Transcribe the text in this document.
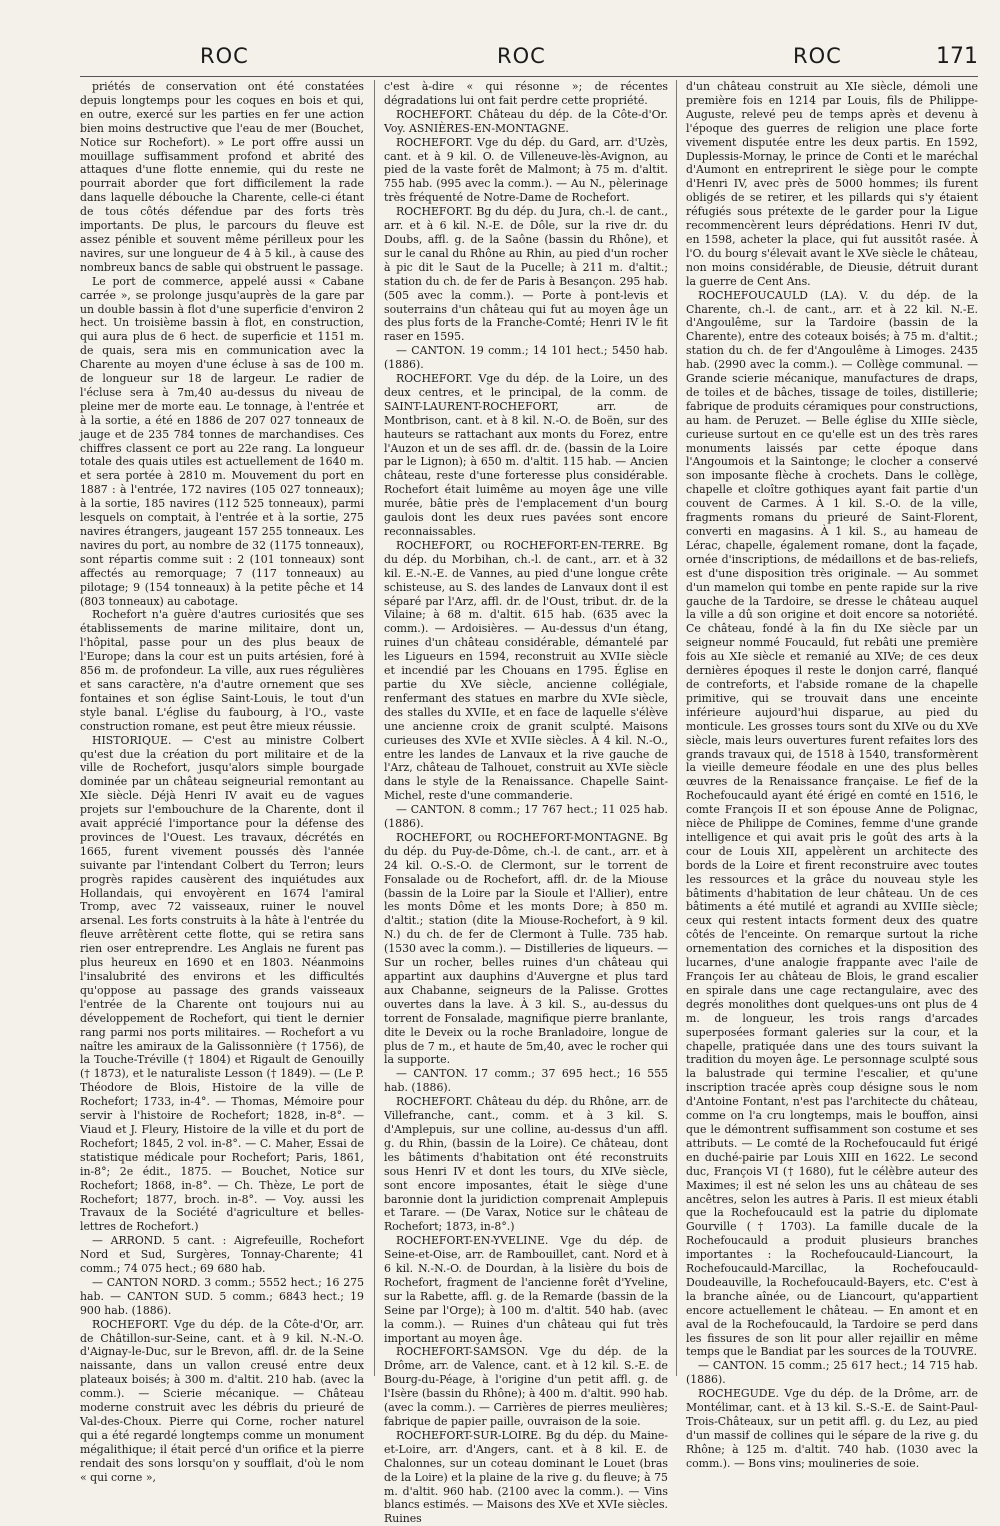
ROC	ROC	ROC	171

priétés de conservation ont été constatées depuis longtemps pour les coques en bois et qui, en outre, exercé sur les parties en fer une action bien moins destructive que l'eau de mer (Bouchet, Notice sur Rochefort). » Le port offre aussi un mouillage suffisamment profond et abrité des attaques d'une flotte ennemie, qui du reste ne pourrait aborder que fort difficilement la rade dans laquelle débouche la Charente, celle-ci étant de tous côtés défendue par des forts très importants. De plus, le parcours du fleuve est assez pénible et souvent même périlleux pour les navires, sur une longueur de 4 à 5 kil., à cause des nombreux bancs de sable qui obstruent le passage.

Le port de commerce, appelé aussi « Cabane carrée », se prolonge jusqu'auprès de la gare par un double bassin à flot d'une superficie d'environ 2 hect. Un troisième bassin à flot, en construction, qui aura plus de 6 hect. de superficie et 1151 m. de quais, sera mis en communication avec la Charente au moyen d'une écluse à sas de 100 m. de longueur sur 18 de largeur. Le radier de l'écluse sera à 7m,40 au-dessus du niveau de pleine mer de morte eau. Le tonnage, à l'entrée et à la sortie, a été en 1886 de 207 027 tonneaux de jauge et de 235 784 tonnes de marchandises. Ces chiffres classent ce port au 22e rang. La longueur totale des quais utiles est actuellement de 1640 m. et sera portée à 2810 m. Mouvement du port en 1887 : à l'entrée, 172 navires (105 027 tonneaux); à la sortie, 185 navires (112 525 tonneaux), parmi lesquels on comptait, à l'entrée et à la sortie, 275 navires étrangers, jaugeant 157 255 tonneaux. Les navires du port, au nombre de 32 (1175 tonneaux), sont répartis comme suit : 2 (101 tonneaux) sont affectés au remorquage; 7 (117 tonneaux) au pilotage; 9 (154 tonneaux) à la petite pêche et 14 (803 tonneaux) au cabotage.

Rochefort n'a guère d'autres curiosités que ses établissements de marine militaire, dont un, l'hôpital, passe pour un des plus beaux de l'Europe; dans la cour est un puits artésien, foré à 856 m. de profondeur. La ville, aux rues régulières et sans caractère, n'a d'autre ornement que ses fontaines et son église Saint-Louis, le tout d'un style banal. L'église du faubourg, à l'O., vaste construction romane, est peut être mieux réussie.

HISTORIQUE. — C'est au ministre Colbert qu'est due la création du port militaire et de la ville de Rochefort, jusqu'alors simple bourgade dominée par un château seigneurial remontant au XIe siècle. Déjà Henri IV avait eu de vagues projets sur l'embouchure de la Charente, dont il avait apprécié l'importance pour la défense des provinces de l'Ouest. Les travaux, décrétés en 1665, furent vivement poussés dès l'année suivante par l'intendant Colbert du Terron; leurs progrès rapides causèrent des inquiétudes aux Hollandais, qui envoyèrent en 1674 l'amiral Tromp, avec 72 vaisseaux, ruiner le nouvel arsenal. Les forts construits à la hâte à l'entrée du fleuve arrêtèrent cette flotte, qui se retira sans rien oser entreprendre. Les Anglais ne furent pas plus heureux en 1690 et en 1803. Néanmoins l'insalubrité des environs et les difficultés qu'oppose au passage des grands vaisseaux l'entrée de la Charente ont toujours nui au développement de Rochefort, qui tient le dernier rang parmi nos ports militaires. — Rochefort a vu naître les amiraux de la Galissonnière († 1756), de la Touche-Tréville († 1804) et Rigault de Genouilly († 1873), et le naturaliste Lesson († 1849). — (Le P. Théodore de Blois, Histoire de la ville de Rochefort; 1733, in-4°. — Thomas, Mémoire pour servir à l'histoire de Rochefort; 1828, in-8°. — Viaud et J. Fleury, Histoire de la ville et du port de Rochefort; 1845, 2 vol. in-8°. — C. Maher, Essai de statistique médicale pour Rochefort; Paris, 1861, in-8°; 2e édit., 1875. — Bouchet, Notice sur Rochefort; 1868, in-8°. — Ch. Thèze, Le port de Rochefort; 1877, broch. in-8°. — Voy. aussi les Travaux de la Société d'agriculture et belles-lettres de Rochefort.)

— ARROND. 5 cant. : Aigrefeuille, Rochefort Nord et Sud, Surgères, Tonnay-Charente; 41 comm.; 74 075 hect.; 69 680 hab.

— CANTON NORD. 3 comm.; 5552 hect.; 16 275 hab. — CANTON SUD. 5 comm.; 6843 hect.; 19 900 hab. (1886).

ROCHEFORT. Vge du dép. de la Côte-d'Or, arr. de Châtillon-sur-Seine, cant. et à 9 kil. N.-N.-O. d'Aignay-le-Duc, sur le Brevon, affl. dr. de la Seine naissante, dans un vallon creusé entre deux plateaux boisés; à 300 m. d'altit. 210 hab. (avec la comm.). — Scierie mécanique. — Château moderne construit avec les débris du prieuré de Val-des-Choux. Pierre qui Corne, rocher naturel qui a été regardé longtemps comme un monument mégalithique; il était percé d'un orifice et la pierre rendait des sons lorsqu'on y soufflait, d'où le nom « qui corne »,

c'est à-dire « qui résonne »; de récentes dégradations lui ont fait perdre cette propriété.

ROCHEFORT. Château du dép. de la Côte-d'Or. Voy. ASNIÈRES-EN-MONTAGNE.

ROCHEFORT. Vge du dép. du Gard, arr. d'Uzès, cant. et à 9 kil. O. de Villeneuve-lès-Avignon, au pied de la vaste forêt de Malmont; à 75 m. d'altit. 755 hab. (995 avec la comm.). — Au N., pèlerinage très fréquenté de Notre-Dame de Rochefort.

ROCHEFORT. Bg du dép. du Jura, ch.-l. de cant., arr. et à 6 kil. N.-E. de Dôle, sur la rive dr. du Doubs, affl. g. de la Saône (bassin du Rhône), et sur le canal du Rhône au Rhin, au pied d'un rocher à pic dit le Saut de la Pucelle; à 211 m. d'altit.; station du ch. de fer de Paris à Besançon. 295 hab. (505 avec la comm.). — Porte à pont-levis et souterrains d'un château qui fut au moyen âge un des plus forts de la Franche-Comté; Henri IV le fit raser en 1595.

— CANTON. 19 comm.; 14 101 hect.; 5450 hab. (1886).

ROCHEFORT. Vge du dép. de la Loire, un des deux centres, et le principal, de la comm. de SAINT-LAURENT-ROCHEFORT, arr. de Montbrison, cant. et à 8 kil. N.-O. de Boën, sur des hauteurs se rattachant aux monts du Forez, entre l'Auzon et un de ses affl. dr. de. (bassin de la Loire par le Lignon); à 650 m. d'altit. 115 hab. — Ancien château, reste d'une forteresse plus considérable. Rochefort était luimême au moyen âge une ville murée, bâtie près de l'emplacement d'un bourg gaulois dont les deux rues pavées sont encore reconnaissables.

ROCHEFORT, ou ROCHEFORT-EN-TERRE. Bg du dép. du Morbihan, ch.-l. de cant., arr. et à 32 kil. E.-N.-E. de Vannes, au pied d'une longue crête schisteuse, au S. des landes de Lanvaux dont il est séparé par l'Arz, affl. dr. de l'Oust, tribut. dr. de la Vilaine; à 68 m. d'altit. 615 hab. (635 avec la comm.). — Ardoisières. — Au-dessus d'un étang, ruines d'un château considérable, démantelé par les Ligueurs en 1594, reconstruit au XVIIe siècle et incendié par les Chouans en 1795. Église en partie du XVe siècle, ancienne collégiale, renfermant des statues en marbre du XVIe siècle, des stalles du XVIIe, et en face de laquelle s'élève une ancienne croix de granit sculpté. Maisons curieuses des XVIe et XVIIe siècles. À 4 kil. N.-O., entre les landes de Lanvaux et la rive gauche de l'Arz, château de Talhouet, construit au XVIe siècle dans le style de la Renaissance. Chapelle Saint-Michel, reste d'une commanderie.

— CANTON. 8 comm.; 17 767 hect.; 11 025 hab. (1886).

ROCHEFORT, ou ROCHEFORT-MONTAGNE. Bg du dép. du Puy-de-Dôme, ch.-l. de cant., arr. et à 24 kil. O.-S.-O. de Clermont, sur le torrent de Fonsalade ou de Rochefort, affl. dr. de la Miouse (bassin de la Loire par la Sioule et l'Allier), entre les monts Dôme et les monts Dore; à 850 m. d'altit.; station (dite la Miouse-Rochefort, à 9 kil. N.) du ch. de fer de Clermont à Tulle. 735 hab. (1530 avec la comm.). — Distilleries de liqueurs. — Sur un rocher, belles ruines d'un château qui appartint aux dauphins d'Auvergne et plus tard aux Chabanne, seigneurs de la Palisse. Grottes ouvertes dans la lave. À 3 kil. S., au-dessus du torrent de Fonsalade, magnifique pierre branlante, dite le Deveix ou la roche Branladoire, longue de plus de 7 m., et haute de 5m,40, avec le rocher qui la supporte.

— CANTON. 17 comm.; 37 695 hect.; 16 555 hab. (1886).

ROCHEFORT. Château du dép. du Rhône, arr. de Villefranche, cant., comm. et à 3 kil. S. d'Amplepuis, sur une colline, au-dessus d'un affl. g. du Rhin, (bassin de la Loire). Ce château, dont les bâtiments d'habitation ont été reconstruits sous Henri IV et dont les tours, du XIVe siècle, sont encore imposantes, était le siège d'une baronnie dont la juridiction comprenait Amplepuis et Tarare. — (De Varax, Notice sur le château de Rochefort; 1873, in-8°.)

ROCHEFORT-EN-YVELINE. Vge du dép. de Seine-et-Oise, arr. de Rambouillet, cant. Nord et à 6 kil. N.-N.-O. de Dourdan, à la lisière du bois de Rochefort, fragment de l'ancienne forêt d'Yveline, sur la Rabette, affl. g. de la Remarde (bassin de la Seine par l'Orge); à 100 m. d'altit. 540 hab. (avec la comm.). — Ruines d'un château qui fut très important au moyen âge.

ROCHEFORT-SAMSON. Vge du dép. de la Drôme, arr. de Valence, cant. et à 12 kil. S.-E. de Bourg-du-Péage, à l'origine d'un petit affl. g. de l'Isère (bassin du Rhône); à 400 m. d'altit. 990 hab. (avec la comm.). — Carrières de pierres meulières; fabrique de papier paille, ouvraison de la soie.

ROCHEFORT-SUR-LOIRE. Bg du dép. du Maine-et-Loire, arr. d'Angers, cant. et à 8 kil. E. de Chalonnes, sur un coteau dominant le Louet (bras de la Loire) et la plaine de la rive g. du fleuve; à 75 m. d'altit. 960 hab. (2100 avec la comm.). — Vins blancs estimés. — Maisons des XVe et XVIe siècles. Ruines

d'un château construit au XIe siècle, démoli une première fois en 1214 par Louis, fils de Philippe-Auguste, relevé peu de temps après et devenu à l'époque des guerres de religion une place forte vivement disputée entre les deux partis. En 1592, Duplessis-Mornay, le prince de Conti et le maréchal d'Aumont en entreprirent le siège pour le compte d'Henri IV, avec près de 5000 hommes; ils furent obligés de se retirer, et les pillards qui s'y étaient réfugiés sous prétexte de le garder pour la Ligue recommencèrent leurs déprédations. Henri IV dut, en 1598, acheter la place, qui fut aussitôt rasée. À l'O. du bourg s'élevait avant le XVe siècle le château, non moins considérable, de Dieusie, détruit durant la guerre de Cent Ans.

ROCHEFOUCAULD (LA). V. du dép. de la Charente, ch.-l. de cant., arr. et à 22 kil. N.-E. d'Angoulême, sur la Tardoire (bassin de la Charente), entre des coteaux boisés; à 75 m. d'altit.; station du ch. de fer d'Angoulême à Limoges. 2435 hab. (2990 avec la comm.). — Collège communal. — Grande scierie mécanique, manufactures de draps, de toiles et de bâches, tissage de toiles, distillerie; fabrique de produits céramiques pour constructions, au ham. de Peruzet. — Belle église du XIIIe siècle, curieuse surtout en ce qu'elle est un des très rares monuments laissés par cette époque dans l'Angoumois et la Saintonge; le clocher a conservé son imposante flèche à crochets. Dans le collège, chapelle et cloître gothiques ayant fait partie d'un couvent de Carmes. À 1 kil. S.-O. de la ville, fragments romans du prieuré de Saint-Florent, converti en magasins. À 1 kil. S., au hameau de Lérac, chapelle, également romane, dont la façade, ornée d'inscriptions, de médaillons et de bas-reliefs, est d'une disposition très originale. — Au sommet d'un mamelon qui tombe en pente rapide sur la rive gauche de la Tardoire, se dresse le château auquel la ville a dû son origine et doit encore sa notoriété. Ce château, fondé à la fin du IXe siècle par un seigneur nommé Foucauld, fut rebâti une première fois au XIe siècle et remanié au XIVe; de ces deux dernières époques il reste le donjon carré, flanqué de contreforts, et l'abside romane de la chapelle primitive, qui se trouvait dans une enceinte inférieure aujourd'hui disparue, au pied du monticule. Les grosses tours sont du XIVe ou du XVe siècle, mais leurs ouvertures furent refaites lors des grands travaux qui, de 1518 à 1540, transformèrent la vieille demeure féodale en une des plus belles œuvres de la Renaissance française. Le fief de la Rochefoucauld ayant été érigé en comté en 1516, le comte François II et son épouse Anne de Polignac, nièce de Philippe de Comines, femme d'une grande intelligence et qui avait pris le goût des arts à la cour de Louis XII, appelèrent un architecte des bords de la Loire et firent reconstruire avec toutes les ressources et la grâce du nouveau style les bâtiments d'habitation de leur château. Un de ces bâtiments a été mutilé et agrandi au XVIIIe siècle; ceux qui restent intacts forment deux des quatre côtés de l'enceinte. On remarque surtout la riche ornementation des corniches et la disposition des lucarnes, d'une analogie frappante avec l'aile de François Ier au château de Blois, le grand escalier en spirale dans une cage rectangulaire, avec des degrés monolithes dont quelques-uns ont plus de 4 m. de longueur, les trois rangs d'arcades superposées formant galeries sur la cour, et la chapelle, pratiquée dans une des tours suivant la tradition du moyen âge. Le personnage sculpté sous la balustrade qui termine l'escalier, et qu'une inscription tracée après coup désigne sous le nom d'Antoine Fontant, n'est pas l'architecte du château, comme on l'a cru longtemps, mais le bouffon, ainsi que le démontrent suffisamment son costume et ses attributs. — Le comté de la Rochefoucauld fut érigé en duché-pairie par Louis XIII en 1622. Le second duc, François VI († 1680), fut le célèbre auteur des Maximes; il est né selon les uns au château de ses ancêtres, selon les autres à Paris. Il est mieux établi que la Rochefoucauld est la patrie du diplomate Gourville († 1703). La famille ducale de la Rochefoucauld a produit plusieurs branches importantes : la Rochefoucauld-Liancourt, la Rochefoucauld-Marcillac, la Rochefoucauld-Doudeauville, la Rochefoucauld-Bayers, etc. C'est à la branche aînée, ou de Liancourt, qu'appartient encore actuellement le château. — En amont et en aval de la Rochefoucauld, la Tardoire se perd dans les fissures de son lit pour aller rejaillir en même temps que le Bandiat par les sources de la TOUVRE.

— CANTON. 15 comm.; 25 617 hect.; 14 715 hab. (1886).

ROCHEGUDE. Vge du dép. de la Drôme, arr. de Montélimar, cant. et à 13 kil. S.-S.-E. de Saint-Paul-Trois-Châteaux, sur un petit affl. g. du Lez, au pied d'un massif de collines qui le sépare de la rive g. du Rhône; à 125 m. d'altit. 740 hab. (1030 avec la comm.). — Bons vins; moulineries de soie.
